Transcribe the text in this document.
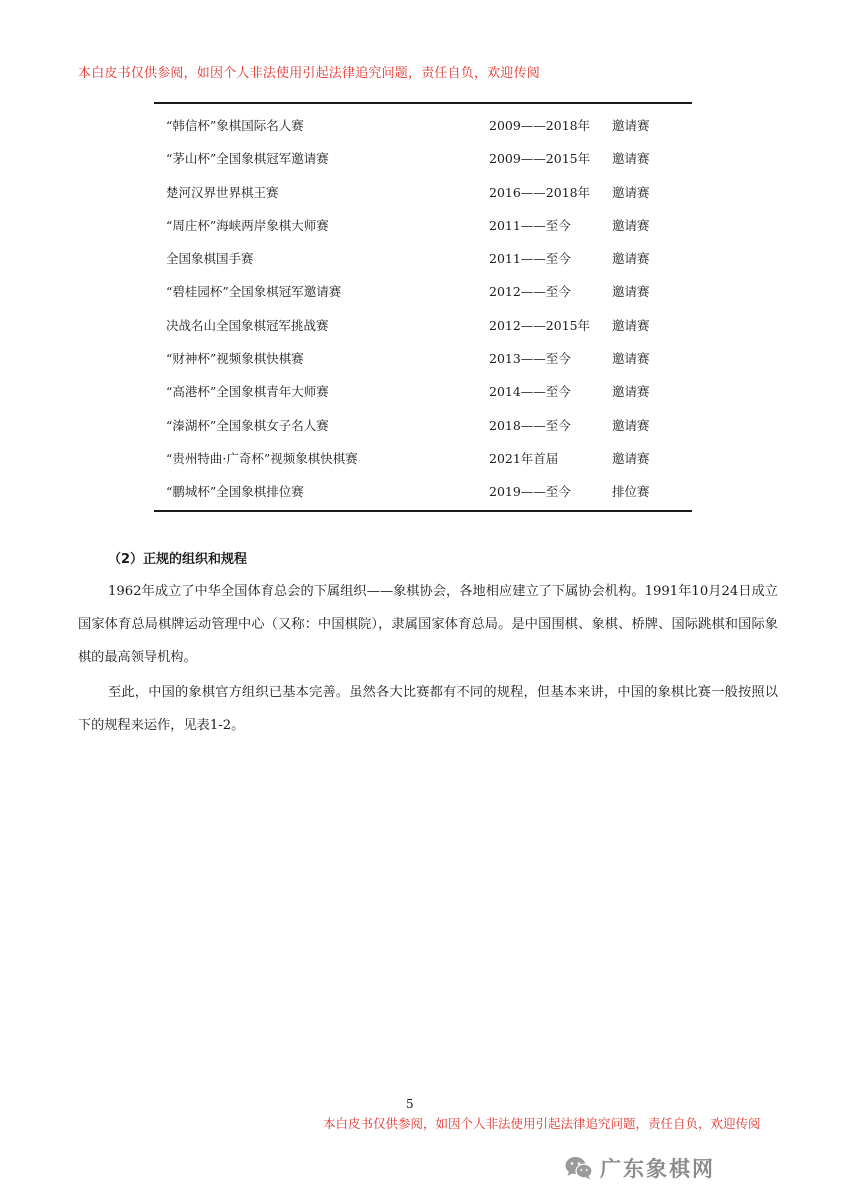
本白皮书仅供参阅，如因个人非法使用引起法律追究问题，责任自负，欢迎传阅
“韩信杯”象棋国际名人赛	2009——2018年 邀请赛
“茅山杯”全国象棋冠军邀请赛	2009——2015年 邀请赛
楚河汉界世界棋王赛	2016——2018年 邀请赛
“周庄杯”海峡两岸象棋大师赛	2011——至今	邀请赛
全国象棋国手赛	2011——至今	邀请赛
“碧桂园杯”全国象棋冠军邀请赛	2012——至今	邀请赛
决战名山全国象棋冠军挑战赛	2012——2015年 邀请赛
“财神杯”视频象棋快棋赛	2013——至今	邀请赛
“高港杯”全国象棋青年大师赛	2014——至今	邀请赛
“溱湖杯”全国象棋女子名人赛	2018——至今	邀请赛
“贵州特曲·广奇杯”视频象棋快棋赛	2021年首届	邀请赛
“鹏城杯”全国象棋排位赛	2019——至今	排位赛
（2）正规的组织和规程

1962年成立了中华全国体育总会的下属组织——象棋协会，各地相应建立了下属协会机构。1991年10月24日成立国家体育总局棋牌运动管理中心（又称：中国棋院），隶属国家体育总局。是中国围棋、象棋、桥牌、国际跳棋和国际象棋的最高领导机构。

至此，中国的象棋官方组织已基本完善。虽然各大比赛都有不同的规程，但基本来讲，中国的象棋比赛一般按照以下的规程来运作，见表1-2。

5
本白皮书仅供参阅，如因个人非法使用引起法律追究问题，责任自负，欢迎传阅
广东象棋网
